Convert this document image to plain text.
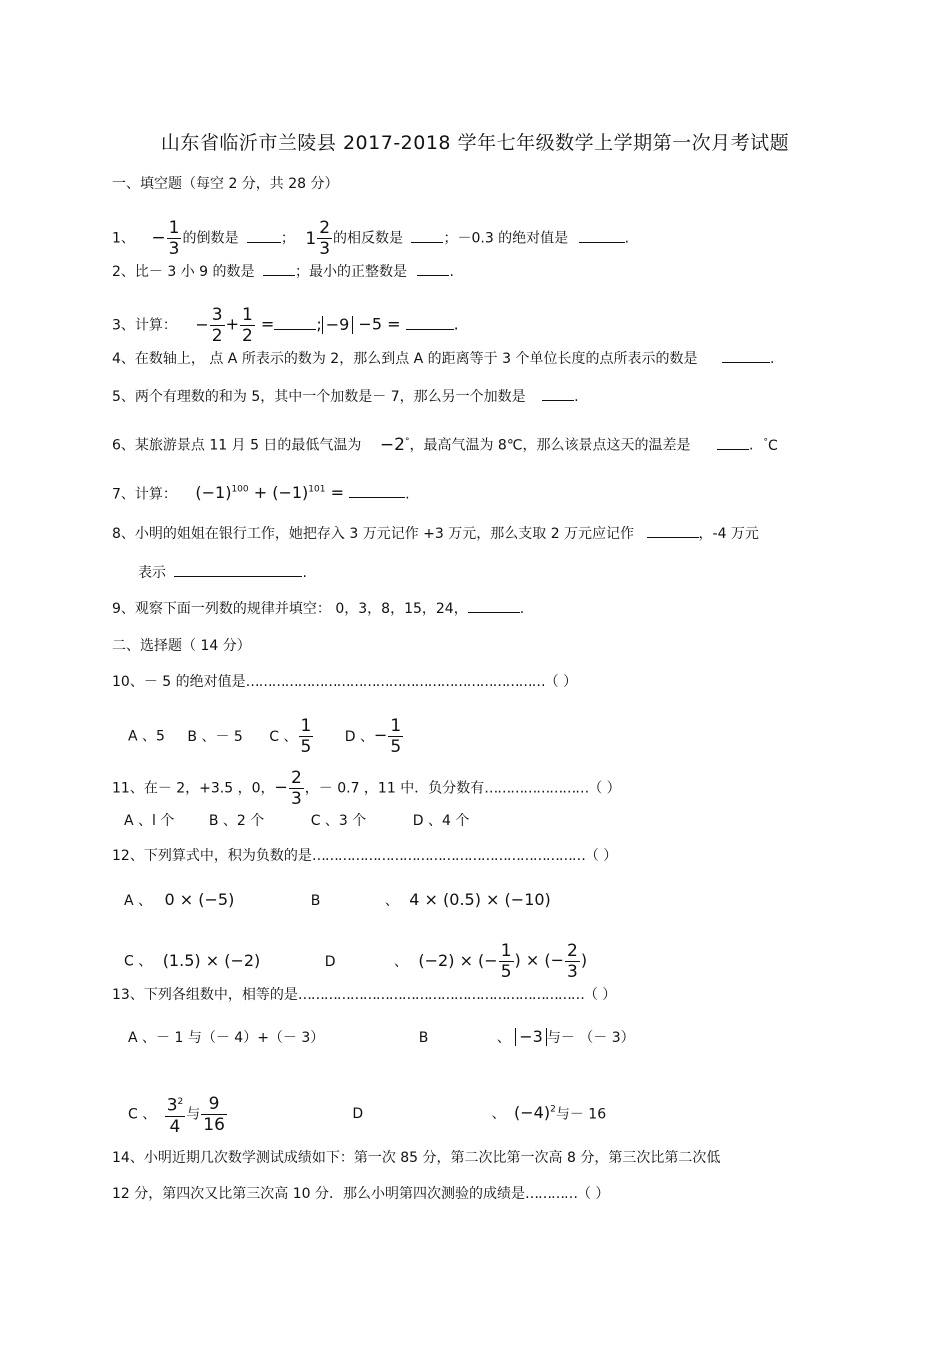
山东省临沂市兰陵县 2017-2018 学年七年级数学上学期第一次月考试题
一、填空题（每空 2 分，共 28 分）
1、 − $\frac{1}{3}$ 的倒数是	； $1 \frac{2}{3}$ 的相反数是	；－0.3 的绝对值是	.
2、比－ 3 小 9 的数是	；最小的正整数是	.
3、计算： − $\frac{3}{2} + \frac{1}{2}$ =	; −9 −5 =	.
4、在数轴上， 点 A 所表示的数为 2，那么到点 A 的距离等于 3 个单位长度的点所表示的数是	.
5、两个有理数的和为 5，其中一个加数是－ 7，那么另一个加数是	.
6、某旅游景点 11 月 5 日的最低气温为 −2°，最高气温为 8℃，那么该景点这天的温差是	. °C
7、计算： $(-1)^{100} + (-1)^{101}$ =	.
8、小明的姐姐在银行工作，她把存入 3 万元记作 +3 万元，那么支取 2 万元应记作	，-4 万元
表示	.
9、观察下面一列数的规律并填空： 0，3，8，15，24，	.
二、选择题（ 14 分）
10、－ 5 的绝对值是……………………………………………………………（ ）
A 、5 B 、－ 5 C 、 $\frac{1}{5}$ D 、− $\frac{1}{5}$
11、在－ 2，+3.5 ，0，− $\frac{2}{3}$ ，－ 0.7 ，11 中．负分数有……………………（ ）
A 、l 个 B 、2 个	C 、3 个	D 、4 个
12、下列算式中，积为负数的是………………………………………………………（ ）
A 、 0 × (−5)	B	、 4 × (0.5) × (−10)
C 、 (1.5) × (−2)	D	、 (−2) × (− $\frac{1}{5}$ ) × (− $\frac{2}{3}$ )
13、下列各组数中，相等的是…………………………………………………………（ ）
A 、－ 1 与（－ 4）+（－ 3）	B	、 −3 与－ （－ 3）
C 、 $\frac{3^2}{4}$ 与 $\frac{9}{16}$	D	、 $(-4)^2$与－ 16
14、小明近期几次数学测试成绩如下：第一次 85 分，第二次比第一次高 8 分，第三次比第二次低
12 分，第四次又比第三次高 10 分．那么小明第四次测验的成绩是…………（ ）
